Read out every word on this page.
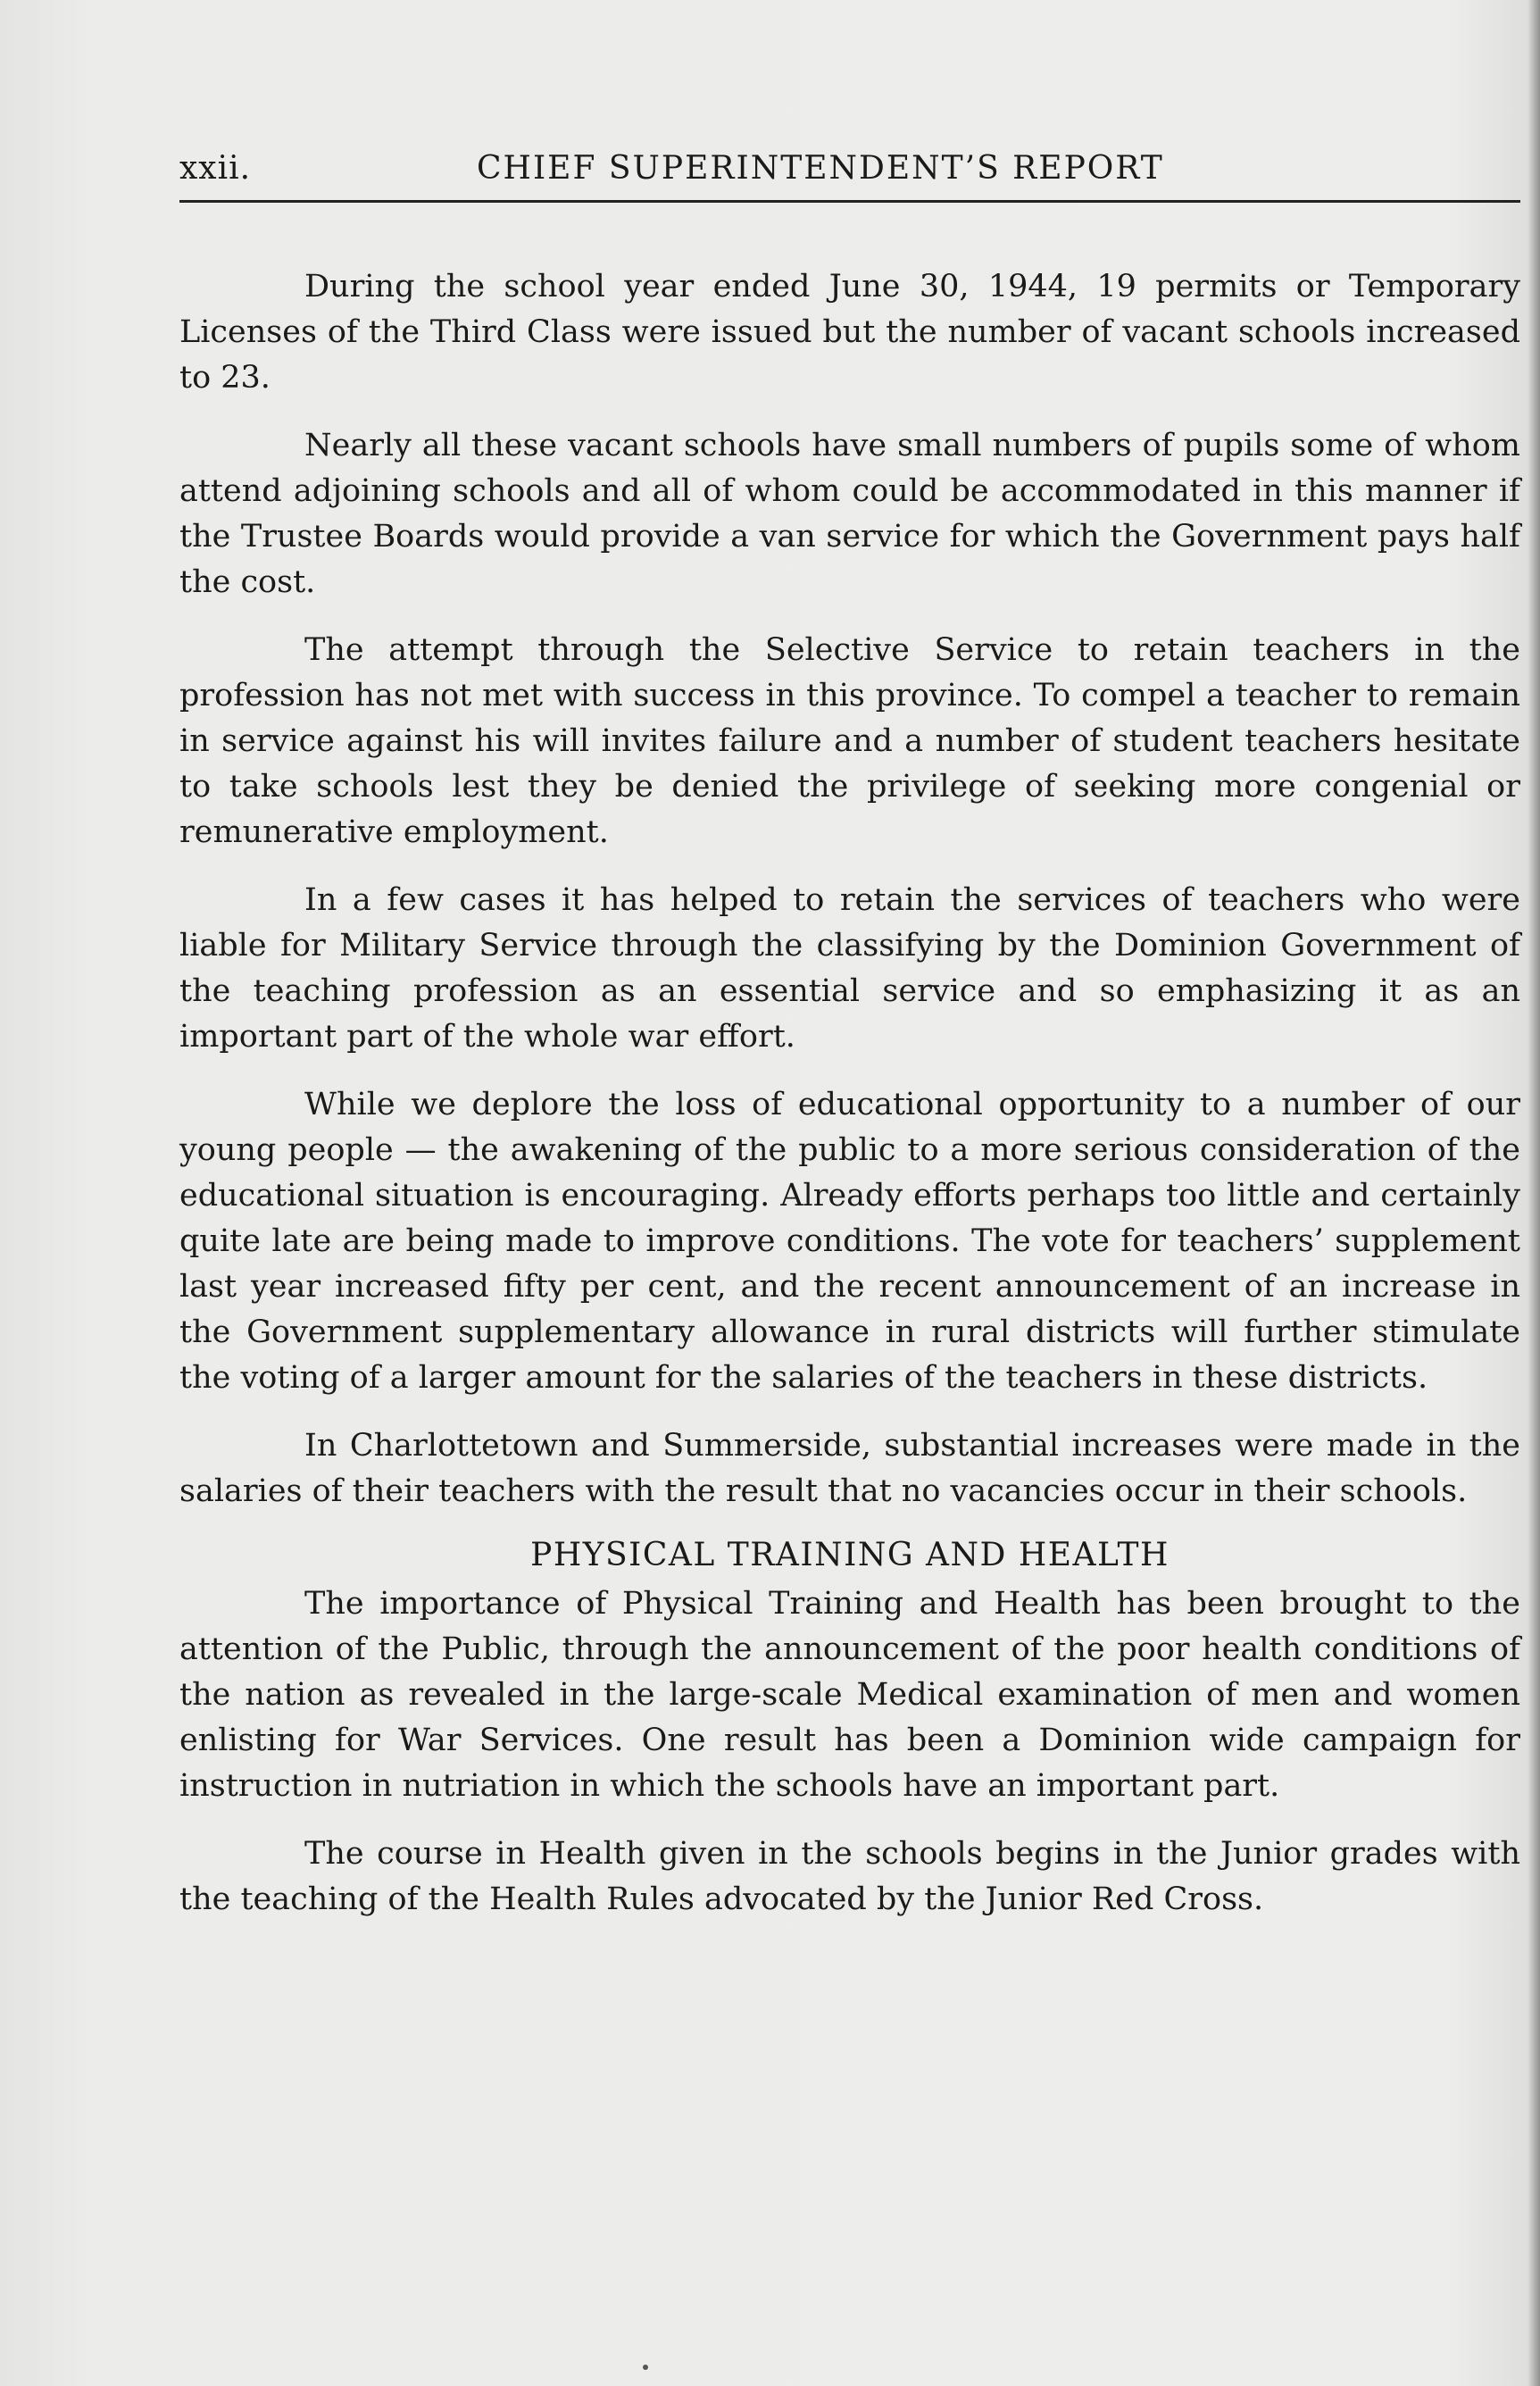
xxii.	CHIEF SUPERINTENDENT’S REPORT

During the school year ended June 30, 1944, 19 permits or Temporary Licenses of the Third Class were issued but the number of vacant schools increased to 23.

Nearly all these vacant schools have small numbers of pupils some of whom attend adjoining schools and all of whom could be accommodated in this manner if the Trustee Boards would provide a van service for which the Government pays half the cost.

The attempt through the Selective Service to retain teachers in the profession has not met with success in this province. To compel a teacher to remain in service against his will invites failure and a number of student teachers hesitate to take schools lest they be denied the privilege of seeking more congenial or remunerative employment.

In a few cases it has helped to retain the services of teachers who were liable for Military Service through the classifying by the Dominion Government of the teaching profession as an essential service and so emphasizing it as an important part of the whole war effort.

While we deplore the loss of educational opportunity to a number of our young people — the awakening of the public to a more serious consideration of the educational situation is encouraging. Already efforts perhaps too little and certainly quite late are being made to improve conditions. The vote for teachers’ supplement last year increased fifty per cent, and the recent announcement of an increase in the Government supplementary allowance in rural districts will further stimulate the voting of a larger amount for the salaries of the teachers in these districts.

In Charlottetown and Summerside, substantial increases were made in the salaries of their teachers with the result that no vacancies occur in their schools.

PHYSICAL TRAINING AND HEALTH

The importance of Physical Training and Health has been brought to the attention of the Public, through the announcement of the poor health conditions of the nation as revealed in the large-scale Medical examination of men and women enlisting for War Services. One result has been a Dominion wide campaign for instruction in nutriation in which the schools have an important part.

The course in Health given in the schools begins in the Junior grades with the teaching of the Health Rules advocated by the Junior Red Cross.
